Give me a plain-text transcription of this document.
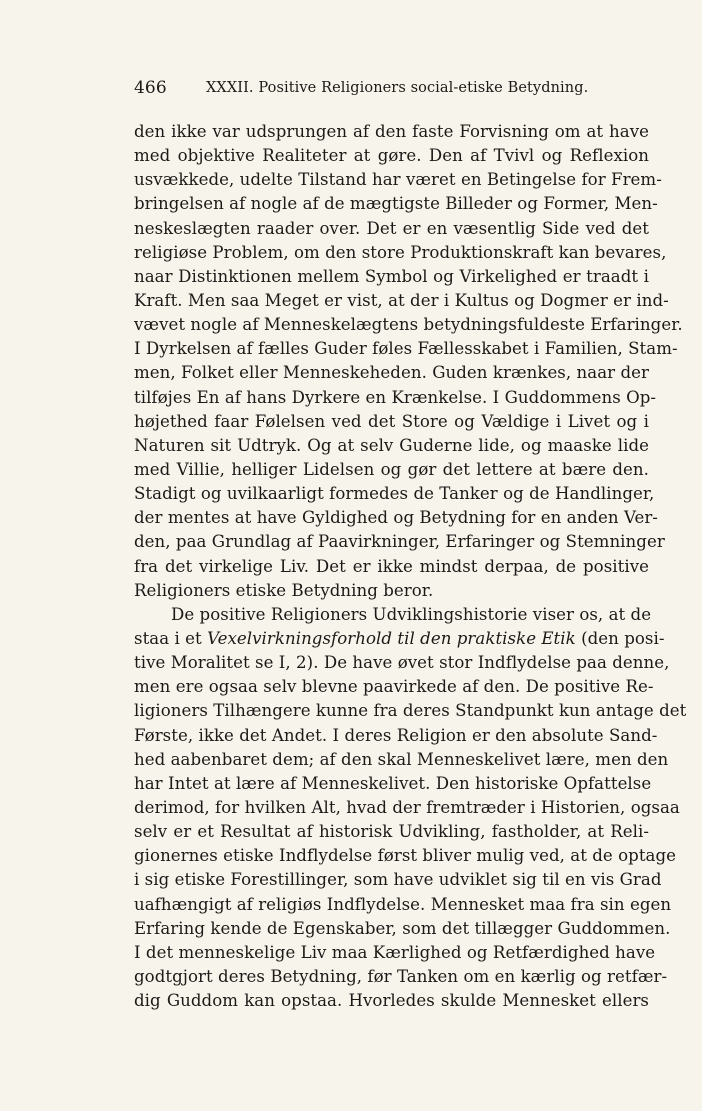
466	XXXII. Positive Religioners social-etiske Betydning.
den ikke var udsprungen af den faste Forvisning om at have
med objektive Realiteter at gøre. Den af Tvivl og Reflexion
usvækkede, udelte Tilstand har været en Betingelse for Frem-
bringelsen af nogle af de mægtigste Billeder og Former, Men-
neskeslægten raader over. Det er en væsentlig Side ved det
religiøse Problem, om den store Produktionskraft kan bevares,
naar Distinktionen mellem Symbol og Virkelighed er traadt i
Kraft. Men saa Meget er vist, at der i Kultus og Dogmer er ind-
vævet nogle af Menneskelægtens betydningsfuldeste Erfaringer.
I Dyrkelsen af fælles Guder føles Fællesskabet i Familien, Stam-
men, Folket eller Menneskeheden. Guden krænkes, naar der
tilføjes En af hans Dyrkere en Krænkelse. I Guddommens Op-
højethed faar Følelsen ved det Store og Vældige i Livet og i
Naturen sit Udtryk. Og at selv Guderne lide, og maaske lide
med Villie, helliger Lidelsen og gør det lettere at bære den.
Stadigt og uvilkaarligt formedes de Tanker og de Handlinger,
der mentes at have Gyldighed og Betydning for en anden Ver-
den, paa Grundlag af Paavirkninger, Erfaringer og Stemninger
fra det virkelige Liv. Det er ikke mindst derpaa, de positive
Religioners etiske Betydning beror.
De positive Religioners Udviklingshistorie viser os, at de
staa i et Vexelvirkningsforhold til den praktiske Etik (den posi-
tive Moralitet se I, 2). De have øvet stor Indflydelse paa denne,
men ere ogsaa selv blevne paavirkede af den. De positive Re-
ligioners Tilhængere kunne fra deres Standpunkt kun antage det
Første, ikke det Andet. I deres Religion er den absolute Sand-
hed aabenbaret dem; af den skal Menneskelivet lære, men den
har Intet at lære af Menneskelivet. Den historiske Opfattelse
derimod, for hvilken Alt, hvad der fremtræder i Historien, ogsaa
selv er et Resultat af historisk Udvikling, fastholder, at Reli-
gionernes etiske Indflydelse først bliver mulig ved, at de optage
i sig etiske Forestillinger, som have udviklet sig til en vis Grad
uafhængigt af religiøs Indflydelse. Mennesket maa fra sin egen
Erfaring kende de Egenskaber, som det tillægger Guddommen.
I det menneskelige Liv maa Kærlighed og Retfærdighed have
godtgjort deres Betydning, før Tanken om en kærlig og retfær-
dig Guddom kan opstaa. Hvorledes skulde Mennesket ellers
